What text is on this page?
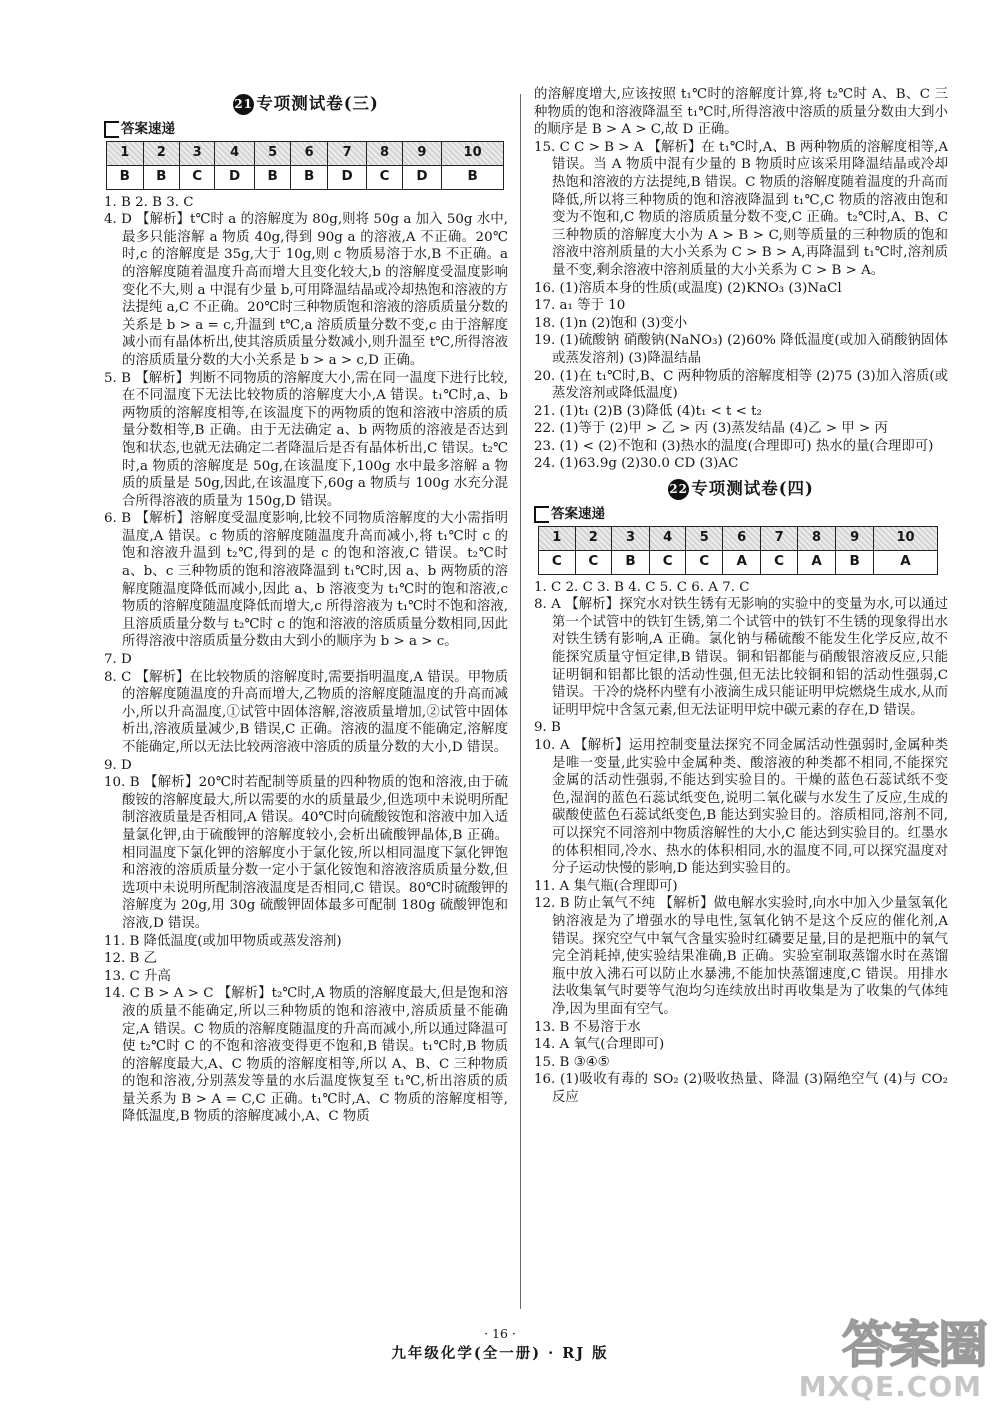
21 专项测试卷(三)
答案速递
1	2	3	4	5	6	7	8	9	10
B	B	C	D	B	B	D	C	D	B

1. B 2. B 3. C

4. D 【解析】t℃时 a 的溶解度为 80g,则将 50g a 加入 50g 水中,最多只能溶解 a 物质 40g,得到 90g a 的溶液,A 不正确。20℃时,c 的溶解度是 35g,大于 10g,则 c 物质易溶于水,B 不正确。a 的溶解度随着温度升高而增大且变化较大,b 的溶解度受温度影响变化不大,则 a 中混有少量 b,可用降温结晶或冷却热饱和溶液的方法提纯 a,C 不正确。20℃时三种物质饱和溶液的溶质质量分数的关系是 b > a = c,升温到 t℃,a 溶质质量分数不变,c 由于溶解度减小而有晶体析出,使其溶质质量分数减小,则升温至 t℃,所得溶液的溶质质量分数的大小关系是 b > a > c,D 正确。

5. B 【解析】判断不同物质的溶解度大小,需在同一温度下进行比较,在不同温度下无法比较物质的溶解度大小,A 错误。t₁℃时,a、b 两物质的溶解度相等,在该温度下的两物质的饱和溶液中溶质的质量分数相等,B 正确。由于无法确定 a、b 两物质的溶液是否达到饱和状态,也就无法确定二者降温后是否有晶体析出,C 错误。t₂℃时,a 物质的溶解度是 50g,在该温度下,100g 水中最多溶解 a 物质的质量是 50g,因此,在该温度下,60g a 物质与 100g 水充分混合所得溶液的质量为 150g,D 错误。

6. B 【解析】溶解度受温度影响,比较不同物质溶解度的大小需指明温度,A 错误。c 物质的溶解度随温度升高而减小,将 t₁℃时 c 的饱和溶液升温到 t₂℃,得到的是 c 的饱和溶液,C 错误。t₂℃时 a、b、c 三种物质的饱和溶液降温到 t₁℃时,因 a、b 两物质的溶解度随温度降低而减小,因此 a、b 溶液变为 t₁℃时的饱和溶液,c 物质的溶解度随温度降低而增大,c 所得溶液为 t₁℃时不饱和溶液,且溶质质量分数与 t₂℃时 c 的饱和溶液的溶质质量分数相同,因此所得溶液中溶质质量分数由大到小的顺序为 b > a > c。

7. D

8. C 【解析】在比较物质的溶解度时,需要指明温度,A 错误。甲物质的溶解度随温度的升高而增大,乙物质的溶解度随温度的升高而减小,所以升高温度,①试管中固体溶解,溶液质量增加,②试管中固体析出,溶液质量减少,B 错误,C 正确。溶液的温度不能确定,溶解度不能确定,所以无法比较两溶液中溶质的质量分数的大小,D 错误。

9. D

10. B 【解析】20℃时若配制等质量的四种物质的饱和溶液,由于硫酸铵的溶解度最大,所以需要的水的质量最少,但选项中未说明所配制溶液质量是否相同,A 错误。40℃时向硫酸铵饱和溶液中加入适量氯化钾,由于硫酸钾的溶解度较小,会析出硫酸钾晶体,B 正确。相同温度下氯化钾的溶解度小于氯化铵,所以相同温度下氯化钾饱和溶液的溶质质量分数一定小于氯化铵饱和溶液溶质质量分数,但选项中未说明所配制溶液温度是否相同,C 错误。80℃时硫酸钾的溶解度为 20g,用 30g 硫酸钾固体最多可配制 180g 硫酸钾饱和溶液,D 错误。

11. B 降低温度(或加甲物质或蒸发溶剂)

12. B 乙

13. C 升高

14. C B > A > C 【解析】t₂℃时,A 物质的溶解度最大,但是饱和溶液的质量不能确定,所以三种物质的饱和溶液中,溶质质量不能确定,A 错误。C 物质的溶解度随温度的升高而减小,所以通过降温可使 t₂℃时 C 的不饱和溶液变得更不饱和,B 错误。t₁℃时,B 物质的溶解度最大,A、C 物质的溶解度相等,所以 A、B、C 三种物质的饱和溶液,分别蒸发等量的水后温度恢复至 t₁℃,析出溶质的质量关系为 B > A = C,C 正确。t₁℃时,A、C 物质的溶解度相等,降低温度,B 物质的溶解度减小,A、C 物质

的溶解度增大,应该按照 t₁℃时的溶解度计算,将 t₂℃时 A、B、C 三种物质的饱和溶液降温至 t₁℃时,所得溶液中溶质的质量分数由大到小的顺序是 B > A > C,故 D 正确。

15. C C > B > A 【解析】在 t₁℃时,A、B 两种物质的溶解度相等,A 错误。当 A 物质中混有少量的 B 物质时应该采用降温结晶或冷却热饱和溶液的方法提纯,B 错误。C 物质的溶解度随着温度的升高而降低,所以将三种物质的饱和溶液降温到 t₁℃,C 物质的溶液由饱和变为不饱和,C 物质的溶质质量分数不变,C 正确。t₂℃时,A、B、C 三种物质的溶解度大小为 A > B > C,则等质量的三种物质的饱和溶液中溶剂质量的大小关系为 C > B > A,再降温到 t₁℃时,溶剂质量不变,剩余溶液中溶剂质量的大小关系为 C > B > A。

16. (1)溶质本身的性质(或温度) (2)KNO₃ (3)NaCl

17. a₁ 等于 10

18. (1)n (2)饱和 (3)变小

19. (1)硫酸钠 硝酸钠(NaNO₃) (2)60% 降低温度(或加入硝酸钠固体或蒸发溶剂) (3)降温结晶

20. (1)在 t₁℃时,B、C 两种物质的溶解度相等 (2)75 (3)加入溶质(或蒸发溶剂或降低温度)

21. (1)t₁ (2)B (3)降低 (4)t₁ < t < t₂

22. (1)等于 (2)甲 > 乙 > 丙 (3)蒸发结晶 (4)乙 > 甲 > 丙

23. (1) < (2)不饱和 (3)热水的温度(合理即可) 热水的量(合理即可)

24. (1)63.9g (2)30.0 CD (3)AC

22 专项测试卷(四)
答案速递
1	2	3	4	5	6	7	8	9	10
C	C	B	C	C	A	C	A	B	A

1. C 2. C 3. B 4. C 5. C 6. A 7. C

8. A 【解析】探究水对铁生锈有无影响的实验中的变量为水,可以通过第一个试管中的铁钉生锈,第二个试管中的铁钉不生锈的现象得出水对铁生锈有影响,A 正确。氯化钠与稀硫酸不能发生化学反应,故不能探究质量守恒定律,B 错误。铜和铝都能与硝酸银溶液反应,只能证明铜和铝都比银的活动性强,但无法比较铜和铝的活动性强弱,C 错误。干冷的烧杯内壁有小液滴生成只能证明甲烷燃烧生成水,从而证明甲烷中含氢元素,但无法证明甲烷中碳元素的存在,D 错误。

9. B

10. A 【解析】运用控制变量法探究不同金属活动性强弱时,金属种类是唯一变量,此实验中金属种类、酸溶液的种类都不相同,不能探究金属的活动性强弱,不能达到实验目的。干燥的蓝色石蕊试纸不变色,湿润的蓝色石蕊试纸变色,说明二氧化碳与水发生了反应,生成的碳酸使蓝色石蕊试纸变色,B 能达到实验目的。溶质相同,溶剂不同,可以探究不同溶剂中物质溶解性的大小,C 能达到实验目的。红墨水的体积相同,冷水、热水的体积相同,水的温度不同,可以探究温度对分子运动快慢的影响,D 能达到实验目的。

11. A 集气瓶(合理即可)

12. B 防止氧气不纯 【解析】做电解水实验时,向水中加入少量氢氧化钠溶液是为了增强水的导电性,氢氧化钠不是这个反应的催化剂,A 错误。探究空气中氧气含量实验时红磷要足量,目的是把瓶中的氧气完全消耗掉,使实验结果准确,B 正确。实验室制取蒸馏水时在蒸馏瓶中放入沸石可以防止水暴沸,不能加快蒸馏速度,C 错误。用排水法收集氧气时要等气泡均匀连续放出时再收集是为了收集的气体纯净,因为里面有空气。

13. B 不易溶于水

14. A 氧气(合理即可)

15. B ③④⑤

16. (1)吸收有毒的 SO₂ (2)吸收热量、降温 (3)隔绝空气 (4)与 CO₂ 反应

· 16 ·
九年级化学(全一册) · RJ 版	答案圈
MXQE.COM
